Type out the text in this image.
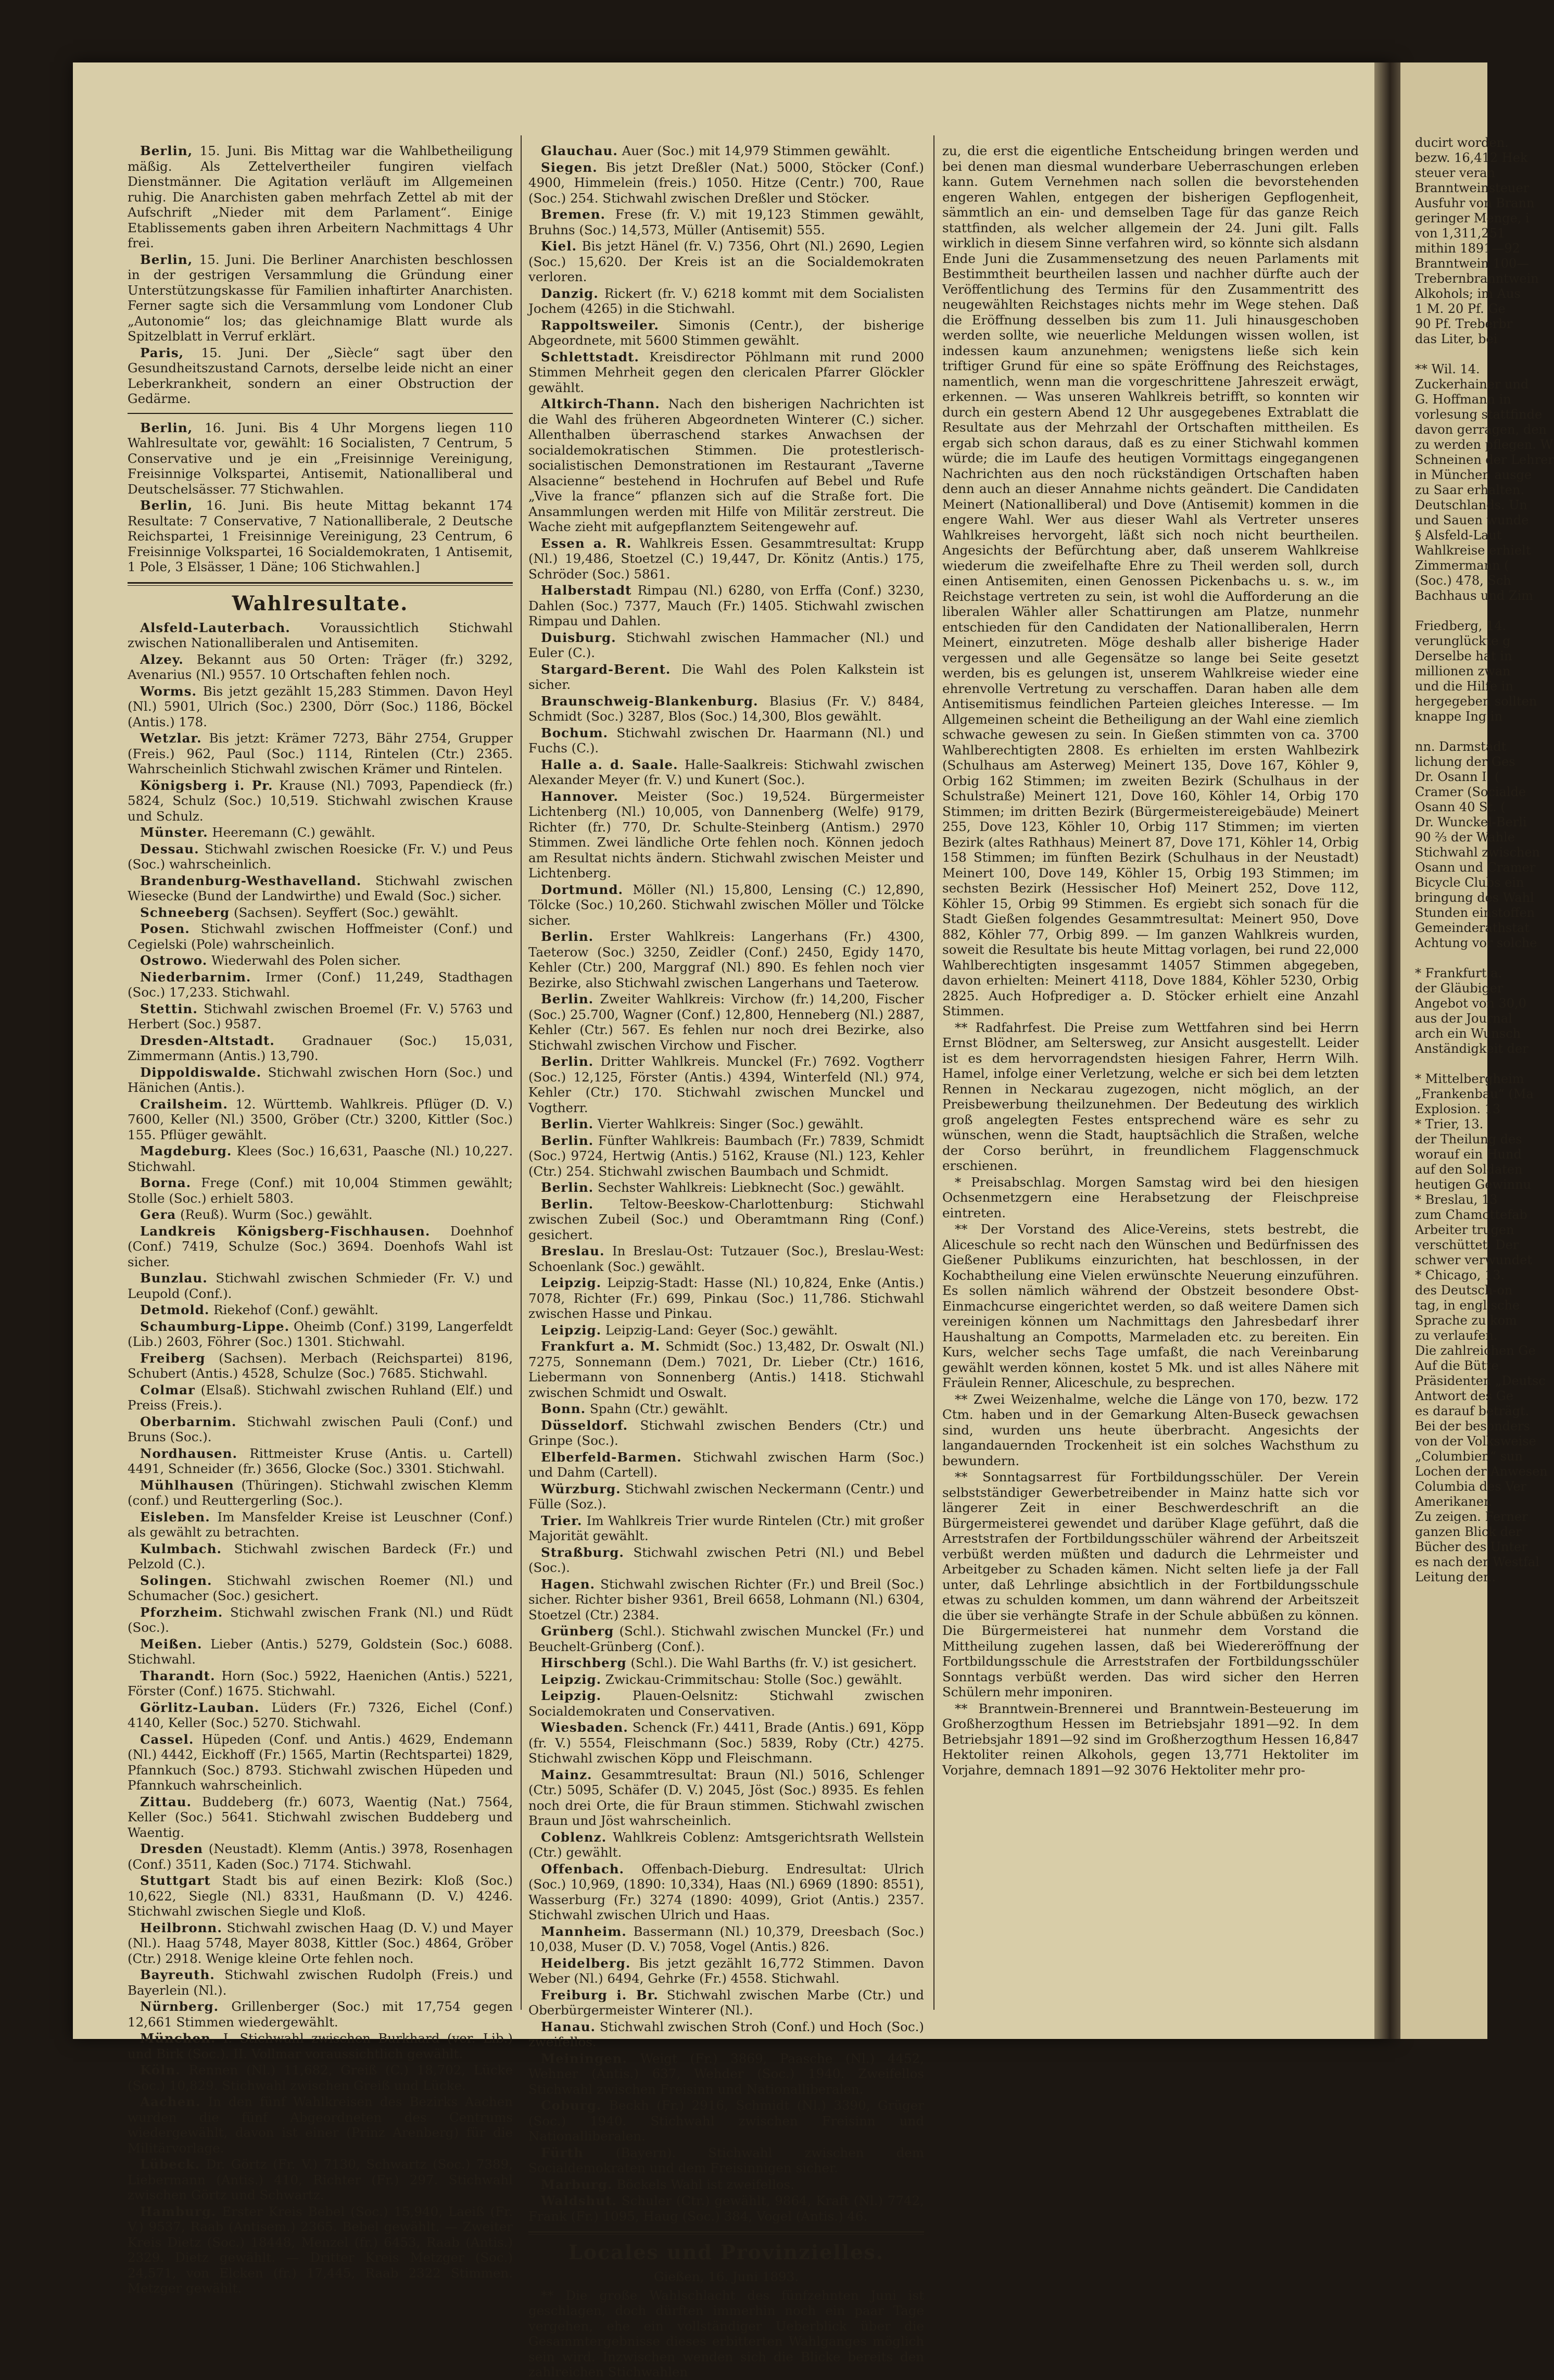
ducirt worden.
bezw. 16,412 Hek
steuer veran
Branntweinsteuer
Ausfuhr von Brann
geringer Menge, i
von 1,311,251
mithin 1891—92
Branntwein 100—
Trebernbranntwein
Alkohols; im Aus
1 M. 20 Pf. Ge
90 Pf. Treberbr
das Liter, bei

** Wil. 14.
Zuckerhainer und
G. Hoffmann in
vorlesung stattfinde
davon gerragen, den
zu werden pflegen. W
Schneinen der Lehrer
in München ausge
zu Saar erhalten.
Deutschlands. Un
und Sauen wunde
§ Alsfeld-Laut
Wahlkreise erhielt
Zimmermann (
(Soc.) 478, Sch
Bachhaus und Zim

Friedberg, 14.
verunglückte g
Derselbe hat in
millionen zwan
und die Hilfe in
hergegeben sollten
knappe Ing in

nn. Darmstadt
lichung der Ges
Dr. Osann I. (
Cramer (Socialde
Osann 40 St. (
Dr. Wunckel-Berli
90 ⅔ der Wahle
Stichwahl zwischen
Osann und Cramer
Bicycle Clubs ein
bringung des Wahl
Stunden einstoffen
Gemeinderathstat
Achtung vor solche

* Frankfurt a.
der Gläubiger
Angebot von 30,0
aus der Journal
arch ein Wunsch
Anständigkeit der

* Mittelbergheim
„Frankenbau“ (Ma
Explosion. 13
* Trier, 13.
der Theilung des
worauf ein Hund
auf den Soldaten
heutigen Gewinnu
* Breslau, 13
zum Chamottefab
Arbeiter trugen
verschüttet. Der
schwer verwundet
* Chicago, 13.
des Deutsch-on
tag, in englische
Sprache zu kom
zu verlaufen.
Die zahlreichen Ge
Auf die Bütte
Präsidenten „Deutsc
Antwort des Ge
es darauf beträgt.
Bei der besonders
von der Volksweise
„Columbien“ sun
Lochen der Anwesen
Columbia des Ver
Amerikaner.
Zu zeigen. Ferner
ganzen Blick der
Bücher des Unter
es nach der Westfal
Leitung der..

Berlin, 15. Juni. Bis Mittag war die Wahlbetheiligung mäßig. Als Zettelvertheiler fungiren vielfach Dienstmänner. Die Agitation verläuft im Allgemeinen ruhig. Die Anarchisten gaben mehrfach Zettel ab mit der Aufschrift „Nieder mit dem Parlament“. Einige Etablissements gaben ihren Arbeitern Nachmittags 4 Uhr frei.

Berlin, 15. Juni. Die Berliner Anarchisten beschlossen in der gestrigen Versammlung die Gründung einer Unterstützungskasse für Familien inhaftirter Anarchisten. Ferner sagte sich die Versammlung vom Londoner Club „Autonomie“ los; das gleichnamige Blatt wurde als Spitzelblatt in Verruf erklärt.

Paris, 15. Juni. Der „Siècle“ sagt über den Gesundheitszustand Carnots, derselbe leide nicht an einer Leberkrankheit, sondern an einer Obstruction der Gedärme.

Berlin, 16. Juni. Bis 4 Uhr Morgens liegen 110 Wahlresultate vor, gewählt: 16 Socialisten, 7 Centrum, 5 Conservative und je ein „Freisinnige Vereinigung, Freisinnige Volkspartei, Antisemit, Nationalliberal und Deutschelsässer. 77 Stichwahlen.

Berlin, 16. Juni. Bis heute Mittag bekannt 174 Resultate: 7 Conservative, 7 Nationalliberale, 2 Deutsche Reichspartei, 1 Freisinnige Vereinigung, 23 Centrum, 6 Freisinnige Volkspartei, 16 Socialdemokraten, 1 Antisemit, 1 Pole, 3 Elsässer, 1 Däne; 106 Stichwahlen.]

Wahlresultate.

Alsfeld-Lauterbach. Voraussichtlich Stichwahl zwischen Nationalliberalen und Antisemiten.

Alzey. Bekannt aus 50 Orten: Träger (fr.) 3292, Avenarius (Nl.) 9557. 10 Ortschaften fehlen noch.

Worms. Bis jetzt gezählt 15,283 Stimmen. Davon Heyl (Nl.) 5901, Ulrich (Soc.) 2300, Dörr (Soc.) 1186, Böckel (Antis.) 178.

Wetzlar. Bis jetzt: Krämer 7273, Bähr 2754, Grupper (Freis.) 962, Paul (Soc.) 1114, Rintelen (Ctr.) 2365. Wahrscheinlich Stichwahl zwischen Krämer und Rintelen.

Königsberg i. Pr. Krause (Nl.) 7093, Papendieck (fr.) 5824, Schulz (Soc.) 10,519. Stichwahl zwischen Krause und Schulz.

Münster. Heeremann (C.) gewählt.

Dessau. Stichwahl zwischen Roesicke (Fr. V.) und Peus (Soc.) wahrscheinlich.

Brandenburg-Westhavelland. Stichwahl zwischen Wiesecke (Bund der Landwirthe) und Ewald (Soc.) sicher.

Schneeberg (Sachsen). Seyffert (Soc.) gewählt.

Posen. Stichwahl zwischen Hoffmeister (Conf.) und Cegielski (Pole) wahrscheinlich.

Ostrowo. Wiederwahl des Polen sicher.

Niederbarnim. Irmer (Conf.) 11,249, Stadthagen (Soc.) 17,233. Stichwahl.

Stettin. Stichwahl zwischen Broemel (Fr. V.) 5763 und Herbert (Soc.) 9587.

Dresden-Altstadt. Gradnauer (Soc.) 15,031, Zimmermann (Antis.) 13,790.

Dippoldiswalde. Stichwahl zwischen Horn (Soc.) und Hänichen (Antis.).

Crailsheim. 12. Württemb. Wahlkreis. Pflüger (D. V.) 7600, Keller (Nl.) 3500, Gröber (Ctr.) 3200, Kittler (Soc.) 155. Pflüger gewählt.

Magdeburg. Klees (Soc.) 16,631, Paasche (Nl.) 10,227. Stichwahl.

Borna. Frege (Conf.) mit 10,004 Stimmen gewählt; Stolle (Soc.) erhielt 5803.

Gera (Reuß). Wurm (Soc.) gewählt.

Landkreis Königsberg-Fischhausen. Doehnhof (Conf.) 7419, Schulze (Soc.) 3694. Doenhofs Wahl ist sicher.

Bunzlau. Stichwahl zwischen Schmieder (Fr. V.) und Leupold (Conf.).

Detmold. Riekehof (Conf.) gewählt.

Schaumburg-Lippe. Oheimb (Conf.) 3199, Langerfeldt (Lib.) 2603, Föhrer (Soc.) 1301. Stichwahl.

Freiberg (Sachsen). Merbach (Reichspartei) 8196, Schubert (Antis.) 4528, Schulze (Soc.) 7685. Stichwahl.

Colmar (Elsaß). Stichwahl zwischen Ruhland (Elf.) und Preiss (Freis.).

Oberbarnim. Stichwahl zwischen Pauli (Conf.) und Bruns (Soc.).

Nordhausen. Rittmeister Kruse (Antis. u. Cartell) 4491, Schneider (fr.) 3656, Glocke (Soc.) 3301. Stichwahl.

Mühlhausen (Thüringen). Stichwahl zwischen Klemm (conf.) und Reuttergerling (Soc.).

Eisleben. Im Mansfelder Kreise ist Leuschner (Conf.) als gewählt zu betrachten.

Kulmbach. Stichwahl zwischen Bardeck (Fr.) und Pelzold (C.).

Solingen. Stichwahl zwischen Roemer (Nl.) und Schumacher (Soc.) gesichert.

Pforzheim. Stichwahl zwischen Frank (Nl.) und Rüdt (Soc.).

Meißen. Lieber (Antis.) 5279, Goldstein (Soc.) 6088. Stichwahl.

Tharandt. Horn (Soc.) 5922, Haenichen (Antis.) 5221, Förster (Conf.) 1675. Stichwahl.

Görlitz-Lauban. Lüders (Fr.) 7326, Eichel (Conf.) 4140, Keller (Soc.) 5270. Stichwahl.

Cassel. Hüpeden (Conf. und Antis.) 4629, Endemann (Nl.) 4442, Eickhoff (Fr.) 1565, Martin (Rechtspartei) 1829, Pfannkuch (Soc.) 8793. Stichwahl zwischen Hüpeden und Pfannkuch wahrscheinlich.

Zittau. Buddeberg (fr.) 6073, Waentig (Nat.) 7564, Keller (Soc.) 5641. Stichwahl zwischen Buddeberg und Waentig.

Dresden (Neustadt). Klemm (Antis.) 3978, Rosenhagen (Conf.) 3511, Kaden (Soc.) 7174. Stichwahl.

Stuttgart Stadt bis auf einen Bezirk: Kloß (Soc.) 10,622, Siegle (Nl.) 8331, Haußmann (D. V.) 4246. Stichwahl zwischen Siegle und Kloß.

Heilbronn. Stichwahl zwischen Haag (D. V.) und Mayer (Nl.). Haag 5748, Mayer 8038, Kittler (Soc.) 4864, Gröber (Ctr.) 2918. Wenige kleine Orte fehlen noch.

Bayreuth. Stichwahl zwischen Rudolph (Freis.) und Bayerlein (Nl.).

Nürnberg. Grillenberger (Soc.) mit 17,754 gegen 12,661 Stimmen wiedergewählt.

München. I. Stichwahl zwischen Burkhard (ver. Lib.) und Birk (Soc.). II. Vollmar voraussichtlich gewählt.

Köln. Rennen (Nl.) 11,682, Greiß (C.) 18,702, Lücke (Soc.) 10,829. Stichwahl zwischen Greiß und Lücke.

Aachen. In den fünf Wahlkreisen des Bezirks Aachen wurden die fünf Abgeordneten des Centrums wiedergewählt, davon ist einer (Prinz Arenberg) für die Militärvorlage.

Lübeck. Dr. Görtz (Fr. V.) 7130, Schwartz (Soc.) 7389, Liebermann (Antis.) 410, Richter (Fr.) 297. Stichwahl zwischen Görtz und Schwartz.

Hamburg. Erster Kreis Bebel (Soc.) 15,940, Laeiß (Fr. V.) 9537, Raab (Antisem.) 2365. Bebel gewählt. — Zweiter Kreis Dietz (Soc.) 18448, Menzel (fr.) 6453, Raab (Antis.) 2329. Dietz gewählt. — Dritter Kreis Metzger (Soc.) 24,571, von Elcken (fr.) 17,445, Raab 2322 Stimmen. Metzger gewählt.

Glauchau. Auer (Soc.) mit 14,979 Stimmen gewählt.

Siegen. Bis jetzt Dreßler (Nat.) 5000, Stöcker (Conf.) 4900, Himmelein (freis.) 1050. Hitze (Centr.) 700, Raue (Soc.) 254. Stichwahl zwischen Dreßler und Stöcker.

Bremen. Frese (fr. V.) mit 19,123 Stimmen gewählt, Bruhns (Soc.) 14,573, Müller (Antisemit) 555.

Kiel. Bis jetzt Hänel (fr. V.) 7356, Ohrt (Nl.) 2690, Legien (Soc.) 15,620. Der Kreis ist an die Socialdemokraten verloren.

Danzig. Rickert (fr. V.) 6218 kommt mit dem Socialisten Jochem (4265) in die Stichwahl.

Rappoltsweiler. Simonis (Centr.), der bisherige Abgeordnete, mit 5600 Stimmen gewählt.

Schlettstadt. Kreisdirector Pöhlmann mit rund 2000 Stimmen Mehrheit gegen den clericalen Pfarrer Glöckler gewählt.

Altkirch-Thann. Nach den bisherigen Nachrichten ist die Wahl des früheren Abgeordneten Winterer (C.) sicher. Allenthalben überraschend starkes Anwachsen der socialdemokratischen Stimmen. Die protestlerisch-socialistischen Demonstrationen im Restaurant „Taverne Alsacienne“ bestehend in Hochrufen auf Bebel und Rufe „Vive la france“ pflanzen sich auf die Straße fort. Die Ansammlungen werden mit Hilfe von Militär zerstreut. Die Wache zieht mit aufgepflanztem Seitengewehr auf.

Essen a. R. Wahlkreis Essen. Gesammtresultat: Krupp (Nl.) 19,486, Stoetzel (C.) 19,447, Dr. Könitz (Antis.) 175, Schröder (Soc.) 5861.

Halberstadt Rimpau (Nl.) 6280, von Erffa (Conf.) 3230, Dahlen (Soc.) 7377, Mauch (Fr.) 1405. Stichwahl zwischen Rimpau und Dahlen.

Duisburg. Stichwahl zwischen Hammacher (Nl.) und Euler (C.).

Stargard-Berent. Die Wahl des Polen Kalkstein ist sicher.

Braunschweig-Blankenburg. Blasius (Fr. V.) 8484, Schmidt (Soc.) 3287, Blos (Soc.) 14,300, Blos gewählt.

Bochum. Stichwahl zwischen Dr. Haarmann (Nl.) und Fuchs (C.).

Halle a. d. Saale. Halle-Saalkreis: Stichwahl zwischen Alexander Meyer (fr. V.) und Kunert (Soc.).

Hannover. Meister (Soc.) 19,524. Bürgermeister Lichtenberg (Nl.) 10,005, von Dannenberg (Welfe) 9179, Richter (fr.) 770, Dr. Schulte-Steinberg (Antism.) 2970 Stimmen. Zwei ländliche Orte fehlen noch. Können jedoch am Resultat nichts ändern. Stichwahl zwischen Meister und Lichtenberg.

Dortmund. Möller (Nl.) 15,800, Lensing (C.) 12,890, Tölcke (Soc.) 10,260. Stichwahl zwischen Möller und Tölcke sicher.

Berlin. Erster Wahlkreis: Langerhans (Fr.) 4300, Taeterow (Soc.) 3250, Zeidler (Conf.) 2450, Egidy 1470, Kehler (Ctr.) 200, Marggraf (Nl.) 890. Es fehlen noch vier Bezirke, also Stichwahl zwischen Langerhans und Taeterow.

Berlin. Zweiter Wahlkreis: Virchow (fr.) 14,200, Fischer (Soc.) 25.700, Wagner (Conf.) 12,800, Henneberg (Nl.) 2887, Kehler (Ctr.) 567. Es fehlen nur noch drei Bezirke, also Stichwahl zwischen Virchow und Fischer.

Berlin. Dritter Wahlkreis. Munckel (Fr.) 7692. Vogtherr (Soc.) 12,125, Förster (Antis.) 4394, Winterfeld (Nl.) 974, Kehler (Ctr.) 170. Stichwahl zwischen Munckel und Vogtherr.

Berlin. Vierter Wahlkreis: Singer (Soc.) gewählt.

Berlin. Fünfter Wahlkreis: Baumbach (Fr.) 7839, Schmidt (Soc.) 9724, Hertwig (Antis.) 5162, Krause (Nl.) 123, Kehler (Ctr.) 254. Stichwahl zwischen Baumbach und Schmidt.

Berlin. Sechster Wahlkreis: Liebknecht (Soc.) gewählt.

Berlin. Teltow-Beeskow-Charlottenburg: Stichwahl zwischen Zubeil (Soc.) und Oberamtmann Ring (Conf.) gesichert.

Breslau. In Breslau-Ost: Tutzauer (Soc.), Breslau-West: Schoenlank (Soc.) gewählt.

Leipzig. Leipzig-Stadt: Hasse (Nl.) 10,824, Enke (Antis.) 7078, Richter (Fr.) 699, Pinkau (Soc.) 11,786. Stichwahl zwischen Hasse und Pinkau.

Leipzig. Leipzig-Land: Geyer (Soc.) gewählt.

Frankfurt a. M. Schmidt (Soc.) 13,482, Dr. Oswalt (Nl.) 7275, Sonnemann (Dem.) 7021, Dr. Lieber (Ctr.) 1616, Liebermann von Sonnenberg (Antis.) 1418. Stichwahl zwischen Schmidt und Oswalt.

Bonn. Spahn (Ctr.) gewählt.

Düsseldorf. Stichwahl zwischen Benders (Ctr.) und Grinpe (Soc.).

Elberfeld-Barmen. Stichwahl zwischen Harm (Soc.) und Dahm (Cartell).

Würzburg. Stichwahl zwischen Neckermann (Centr.) und Fülle (Soz.).

Trier. Im Wahlkreis Trier wurde Rintelen (Ctr.) mit großer Majorität gewählt.

Straßburg. Stichwahl zwischen Petri (Nl.) und Bebel (Soc.).

Hagen. Stichwahl zwischen Richter (Fr.) und Breil (Soc.) sicher. Richter bisher 9361, Breil 6658, Lohmann (Nl.) 6304, Stoetzel (Ctr.) 2384.

Grünberg (Schl.). Stichwahl zwischen Munckel (Fr.) und Beuchelt-Grünberg (Conf.).

Hirschberg (Schl.). Die Wahl Barths (fr. V.) ist gesichert.

Leipzig. Zwickau-Crimmitschau: Stolle (Soc.) gewählt.

Leipzig. Plauen-Oelsnitz: Stichwahl zwischen Socialdemokraten und Conservativen.

Wiesbaden. Schenck (Fr.) 4411, Brade (Antis.) 691, Köpp (fr. V.) 5554, Fleischmann (Soc.) 5839, Roby (Ctr.) 4275. Stichwahl zwischen Köpp und Fleischmann.

Mainz. Gesammtresultat: Braun (Nl.) 5016, Schlenger (Ctr.) 5095, Schäfer (D. V.) 2045, Jöst (Soc.) 8935. Es fehlen noch drei Orte, die für Braun stimmen. Stichwahl zwischen Braun und Jöst wahrscheinlich.

Coblenz. Wahlkreis Coblenz: Amtsgerichtsrath Wellstein (Ctr.) gewählt.

Offenbach. Offenbach-Dieburg. Endresultat: Ulrich (Soc.) 10,969, (1890: 10,334), Haas (Nl.) 6969 (1890: 8551), Wasserburg (Fr.) 3274 (1890: 4099), Griot (Antis.) 2357. Stichwahl zwischen Ulrich und Haas.

Mannheim. Bassermann (Nl.) 10,379, Dreesbach (Soc.) 10,038, Muser (D. V.) 7058, Vogel (Antis.) 826.

Heidelberg. Bis jetzt gezählt 16,772 Stimmen. Davon Weber (Nl.) 6494, Gehrke (Fr.) 4558. Stichwahl.

Freiburg i. Br. Stichwahl zwischen Marbe (Ctr.) und Oberbürgermeister Winterer (Nl.).

Hanau. Stichwahl zwischen Stroh (Conf.) und Hoch (Soc.) zweifellos.

Meiningen. Weigt (Fr.) 3869, Paasche (Nl.) 4452, Wehner (Antis.) 637, Wehder (Soc.) 1940. Zweifellos Stichwahl zwischen Freisinn und Nationalliberalen.

Coburg. Beckh (Fr.) 2916, Schmidt (Nl.) 3390, Grüger (Soc.) 1940. Stichwahl zwischen Freisinn und Nationalliberalen.

Fürth (Bayern). Stichwahl zwischen dem Socialdemokraten und dem Freisinnigen sicher.

Marburg. Böckels Wahl ist zweifellos.

Waldshut. Schuler (Ctr.) gewählt, 9864, Kraft (Nl.) 7742, Frank (Fr.) 1095, Haug (Soc.) 384, Vogel (Antis.) 46.

Locales und Provinzielles.
Gießen, 16. Juni 1893.

** Die große Wahlschlacht des fünfzehnten Juni ist geschlagen, doch dürften immerhin noch ein paar Tage vergehen, ehe ein vollständiger Ueberblick über die Gesammtergebnisse dieses erbitterten Wahlganges möglich sein wird. Inzwischen wenden sich die Blicke bereits den zahlreichen Stichwahlen

zu, die erst die eigentliche Entscheidung bringen werden und bei denen man diesmal wunderbare Ueberraschungen erleben kann. Gutem Vernehmen nach sollen die bevorstehenden engeren Wahlen, entgegen der bisherigen Gepflogenheit, sämmtlich an ein- und demselben Tage für das ganze Reich stattfinden, als welcher allgemein der 24. Juni gilt. Falls wirklich in diesem Sinne verfahren wird, so könnte sich alsdann Ende Juni die Zusammensetzung des neuen Parlaments mit Bestimmtheit beurtheilen lassen und nachher dürfte auch der Veröffentlichung des Termins für den Zusammentritt des neugewählten Reichstages nichts mehr im Wege stehen. Daß die Eröffnung desselben bis zum 11. Juli hinausgeschoben werden sollte, wie neuerliche Meldungen wissen wollen, ist indessen kaum anzunehmen; wenigstens ließe sich kein triftiger Grund für eine so späte Eröffnung des Reichstages, namentlich, wenn man die vorgeschrittene Jahreszeit erwägt, erkennen. — Was unseren Wahlkreis betrifft, so konnten wir durch ein gestern Abend 12 Uhr ausgegebenes Extrablatt die Resultate aus der Mehrzahl der Ortschaften mittheilen. Es ergab sich schon daraus, daß es zu einer Stichwahl kommen würde; die im Laufe des heutigen Vormittags eingegangenen Nachrichten aus den noch rückständigen Ortschaften haben denn auch an dieser Annahme nichts geändert. Die Candidaten Meinert (Nationalliberal) und Dove (Antisemit) kommen in die engere Wahl. Wer aus dieser Wahl als Vertreter unseres Wahlkreises hervorgeht, läßt sich noch nicht beurtheilen. Angesichts der Befürchtung aber, daß unserem Wahlkreise wiederum die zweifelhafte Ehre zu Theil werden soll, durch einen Antisemiten, einen Genossen Pickenbachs u. s. w., im Reichstage vertreten zu sein, ist wohl die Aufforderung an die liberalen Wähler aller Schattirungen am Platze, nunmehr entschieden für den Candidaten der Nationalliberalen, Herrn Meinert, einzutreten. Möge deshalb aller bisherige Hader vergessen und alle Gegensätze so lange bei Seite gesetzt werden, bis es gelungen ist, unserem Wahlkreise wieder eine ehrenvolle Vertretung zu verschaffen. Daran haben alle dem Antisemitismus feindlichen Parteien gleiches Interesse. — Im Allgemeinen scheint die Betheiligung an der Wahl eine ziemlich schwache gewesen zu sein. In Gießen stimmten von ca. 3700 Wahlberechtigten 2808. Es erhielten im ersten Wahlbezirk (Schulhaus am Asterweg) Meinert 135, Dove 167, Köhler 9, Orbig 162 Stimmen; im zweiten Bezirk (Schulhaus in der Schulstraße) Meinert 121, Dove 160, Köhler 14, Orbig 170 Stimmen; im dritten Bezirk (Bürgermeistereigebäude) Meinert 255, Dove 123, Köhler 10, Orbig 117 Stimmen; im vierten Bezirk (altes Rathhaus) Meinert 87, Dove 171, Köhler 14, Orbig 158 Stimmen; im fünften Bezirk (Schulhaus in der Neustadt) Meinert 100, Dove 149, Köhler 15, Orbig 193 Stimmen; im sechsten Bezirk (Hessischer Hof) Meinert 252, Dove 112, Köhler 15, Orbig 99 Stimmen. Es ergiebt sich sonach für die Stadt Gießen folgendes Gesammtresultat: Meinert 950, Dove 882, Köhler 77, Orbig 899. — Im ganzen Wahlkreis wurden, soweit die Resultate bis heute Mittag vorlagen, bei rund 22,000 Wahlberechtigten insgesammt 14057 Stimmen abgegeben, davon erhielten: Meinert 4118, Dove 1884, Köhler 5230, Orbig 2825. Auch Hofprediger a. D. Stöcker erhielt eine Anzahl Stimmen.

** Radfahrfest. Die Preise zum Wettfahren sind bei Herrn Ernst Blödner, am Seltersweg, zur Ansicht ausgestellt. Leider ist es dem hervorragendsten hiesigen Fahrer, Herrn Wilh. Hamel, infolge einer Verletzung, welche er sich bei dem letzten Rennen in Neckarau zugezogen, nicht möglich, an der Preisbewerbung theilzunehmen. Der Bedeutung des wirklich groß angelegten Festes entsprechend wäre es sehr zu wünschen, wenn die Stadt, hauptsächlich die Straßen, welche der Corso berührt, in freundlichem Flaggenschmuck erschienen.

* Preisabschlag. Morgen Samstag wird bei den hiesigen Ochsenmetzgern eine Herabsetzung der Fleischpreise eintreten.

** Der Vorstand des Alice-Vereins, stets bestrebt, die Aliceschule so recht nach den Wünschen und Bedürfnissen des Gießener Publikums einzurichten, hat beschlossen, in der Kochabtheilung eine Vielen erwünschte Neuerung einzuführen. Es sollen nämlich während der Obstzeit besondere Obst-Einmachcurse eingerichtet werden, so daß weitere Damen sich vereinigen können um Nachmittags den Jahresbedarf ihrer Haushaltung an Compotts, Marmeladen etc. zu bereiten. Ein Kurs, welcher sechs Tage umfaßt, die nach Vereinbarung gewählt werden können, kostet 5 Mk. und ist alles Nähere mit Fräulein Renner, Aliceschule, zu besprechen.

** Zwei Weizenhalme, welche die Länge von 170, bezw. 172 Ctm. haben und in der Gemarkung Alten-Buseck gewachsen sind, wurden uns heute überbracht. Angesichts der langandauernden Trockenheit ist ein solches Wachsthum zu bewundern.

** Sonntagsarrest für Fortbildungsschüler. Der Verein selbstständiger Gewerbetreibender in Mainz hatte sich vor längerer Zeit in einer Beschwerdeschrift an die Bürgermeisterei gewendet und darüber Klage geführt, daß die Arreststrafen der Fortbildungsschüler während der Arbeitszeit verbüßt werden müßten und dadurch die Lehrmeister und Arbeitgeber zu Schaden kämen. Nicht selten liefe ja der Fall unter, daß Lehrlinge absichtlich in der Fortbildungsschule etwas zu schulden kommen, um dann während der Arbeitszeit die über sie verhängte Strafe in der Schule abbüßen zu können. Die Bürgermeisterei hat nunmehr dem Vorstand die Mittheilung zugehen lassen, daß bei Wiedereröffnung der Fortbildungsschule die Arreststrafen der Fortbildungsschüler Sonntags verbüßt werden. Das wird sicher den Herren Schülern mehr imponiren.

** Branntwein-Brennerei und Branntwein-Besteuerung im Großherzogthum Hessen im Betriebsjahr 1891—92. In dem Betriebsjahr 1891—92 sind im Großherzogthum Hessen 16,847 Hektoliter reinen Alkohols, gegen 13,771 Hektoliter im Vorjahre, demnach 1891—92 3076 Hektoliter mehr pro-
